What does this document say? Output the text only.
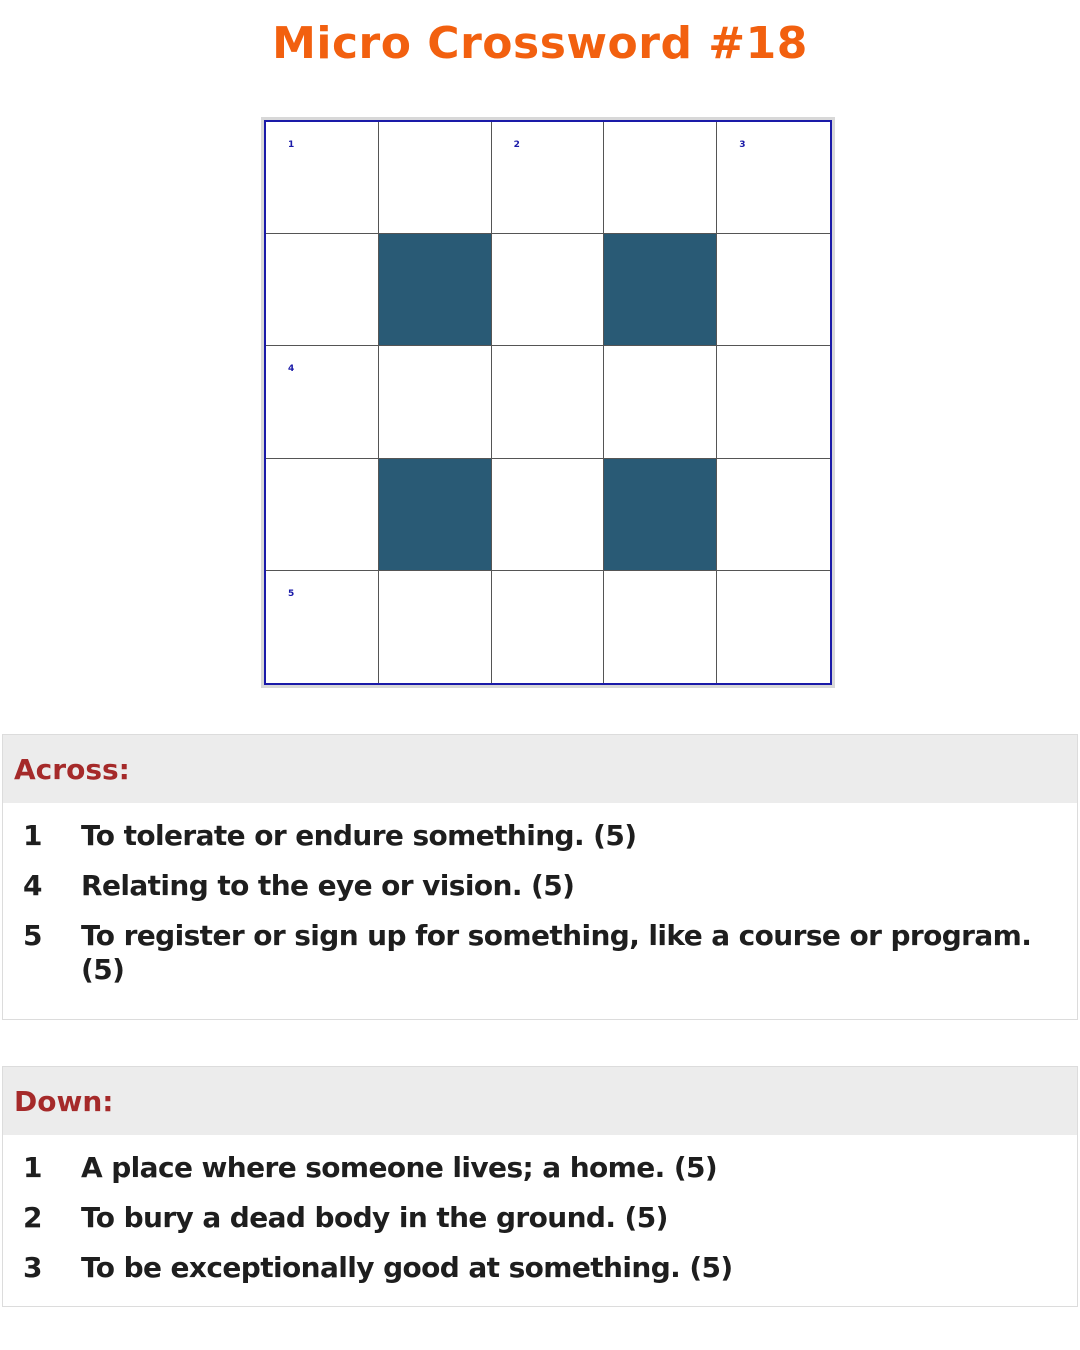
Micro Crossword #18
1	2	3
4
5
Across:
1	To tolerate or endure something. (5)
4	Relating to the eye or vision. (5)
5	To register or sign up for something, like a course or program. (5)
Down:
1	A place where someone lives; a home. (5)
2	To bury a dead body in the ground. (5)
3	To be exceptionally good at something. (5)
